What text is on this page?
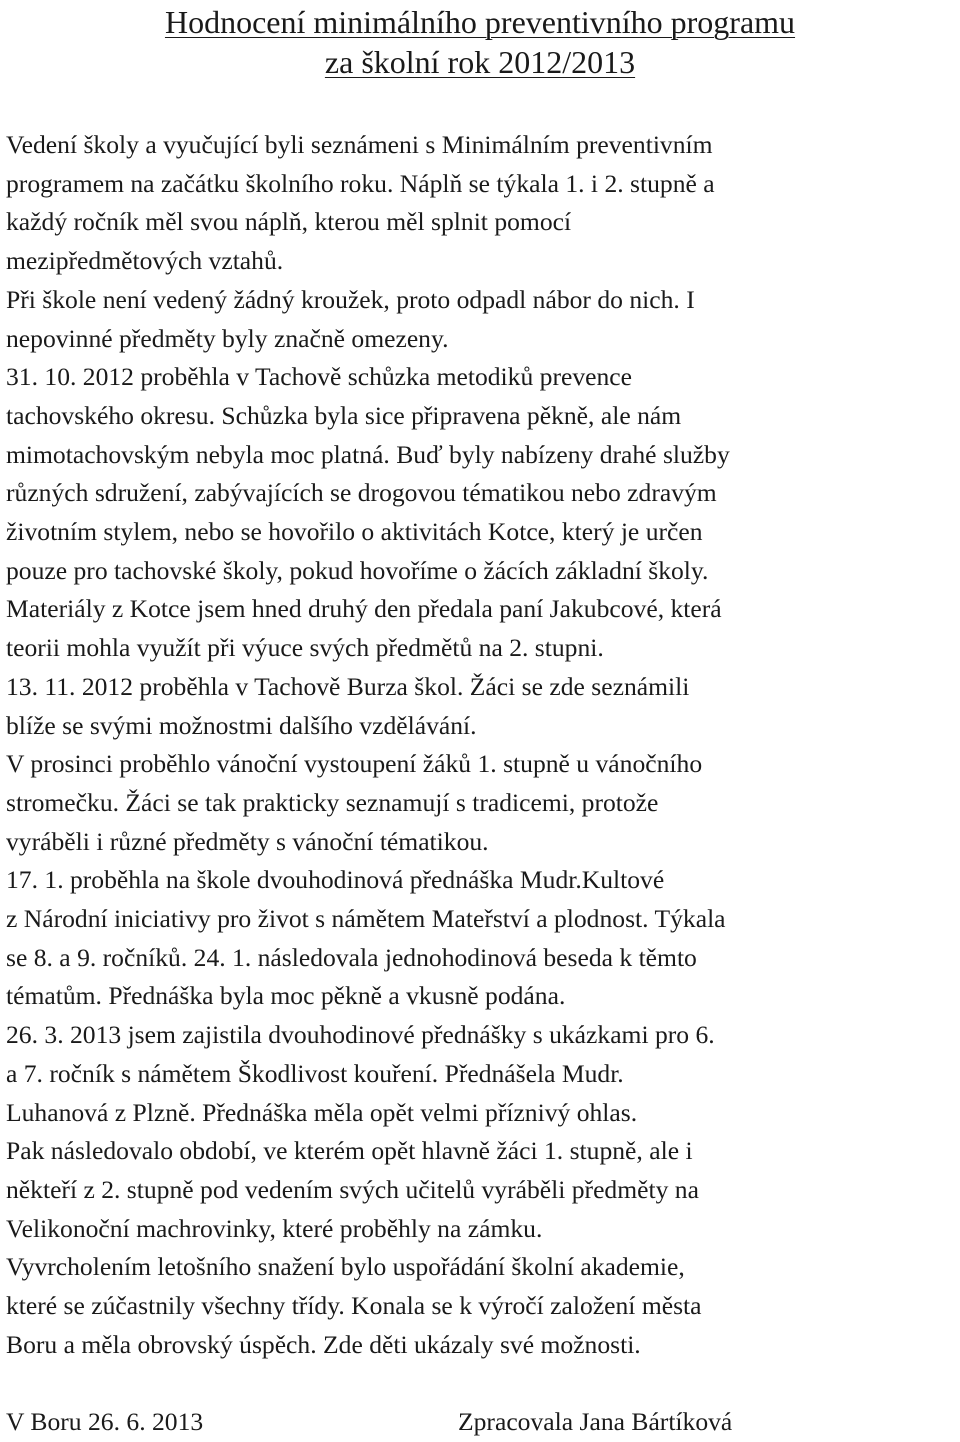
Hodnocení minimálního preventivního programu
za školní rok 2012/2013
Vedení školy a vyučující byli seznámeni s Minimálním preventivním
programem na začátku školního roku. Náplň se týkala 1. i 2. stupně a
každý ročník měl svou náplň, kterou měl splnit pomocí
mezipředmětových vztahů.
Při škole není vedený žádný kroužek, proto odpadl nábor do nich. I
nepovinné předměty byly značně omezeny.
31. 10. 2012 proběhla v Tachově schůzka metodiků prevence
tachovského okresu. Schůzka byla sice připravena pěkně, ale nám
mimotachovským nebyla moc platná. Buď byly nabízeny drahé služby
různých sdružení, zabývajících se drogovou tématikou nebo zdravým
životním stylem, nebo se hovořilo o aktivitách Kotce, který je určen
pouze pro tachovské školy, pokud hovoříme o žácích základní školy.
Materiály z Kotce jsem hned druhý den předala paní Jakubcové, která
teorii mohla využít při výuce svých předmětů na 2. stupni.
13. 11. 2012 proběhla v Tachově Burza škol. Žáci se zde seznámili
blíže se svými možnostmi dalšího vzdělávání.
V prosinci proběhlo vánoční vystoupení žáků 1. stupně u vánočního
stromečku. Žáci se tak prakticky seznamují s tradicemi, protože
vyráběli i různé předměty s vánoční tématikou.
17. 1. proběhla na škole dvouhodinová přednáška Mudr.Kultové
z Národní iniciativy pro život s námětem Mateřství a plodnost. Týkala
se 8. a 9. ročníků. 24. 1. následovala jednohodinová beseda k těmto
tématům. Přednáška byla moc pěkně a vkusně podána.
26. 3. 2013 jsem zajistila dvouhodinové přednášky s ukázkami pro 6.
a 7. ročník s námětem Škodlivost kouření. Přednášela Mudr.
Luhanová z Plzně. Přednáška měla opět velmi příznivý ohlas.
Pak následovalo období, ve kterém opět hlavně žáci 1. stupně, ale i
někteří z 2. stupně pod vedením svých učitelů vyráběli předměty na
Velikonoční machrovinky, které proběhly na zámku.
Vyvrcholením letošního snažení bylo uspořádání školní akademie,
které se zúčastnily všechny třídy. Konala se k výročí založení města
Boru a měla obrovský úspěch. Zde děti ukázaly své možnosti.
V Boru 26. 6. 2013	Zpracovala Jana Bártíková
